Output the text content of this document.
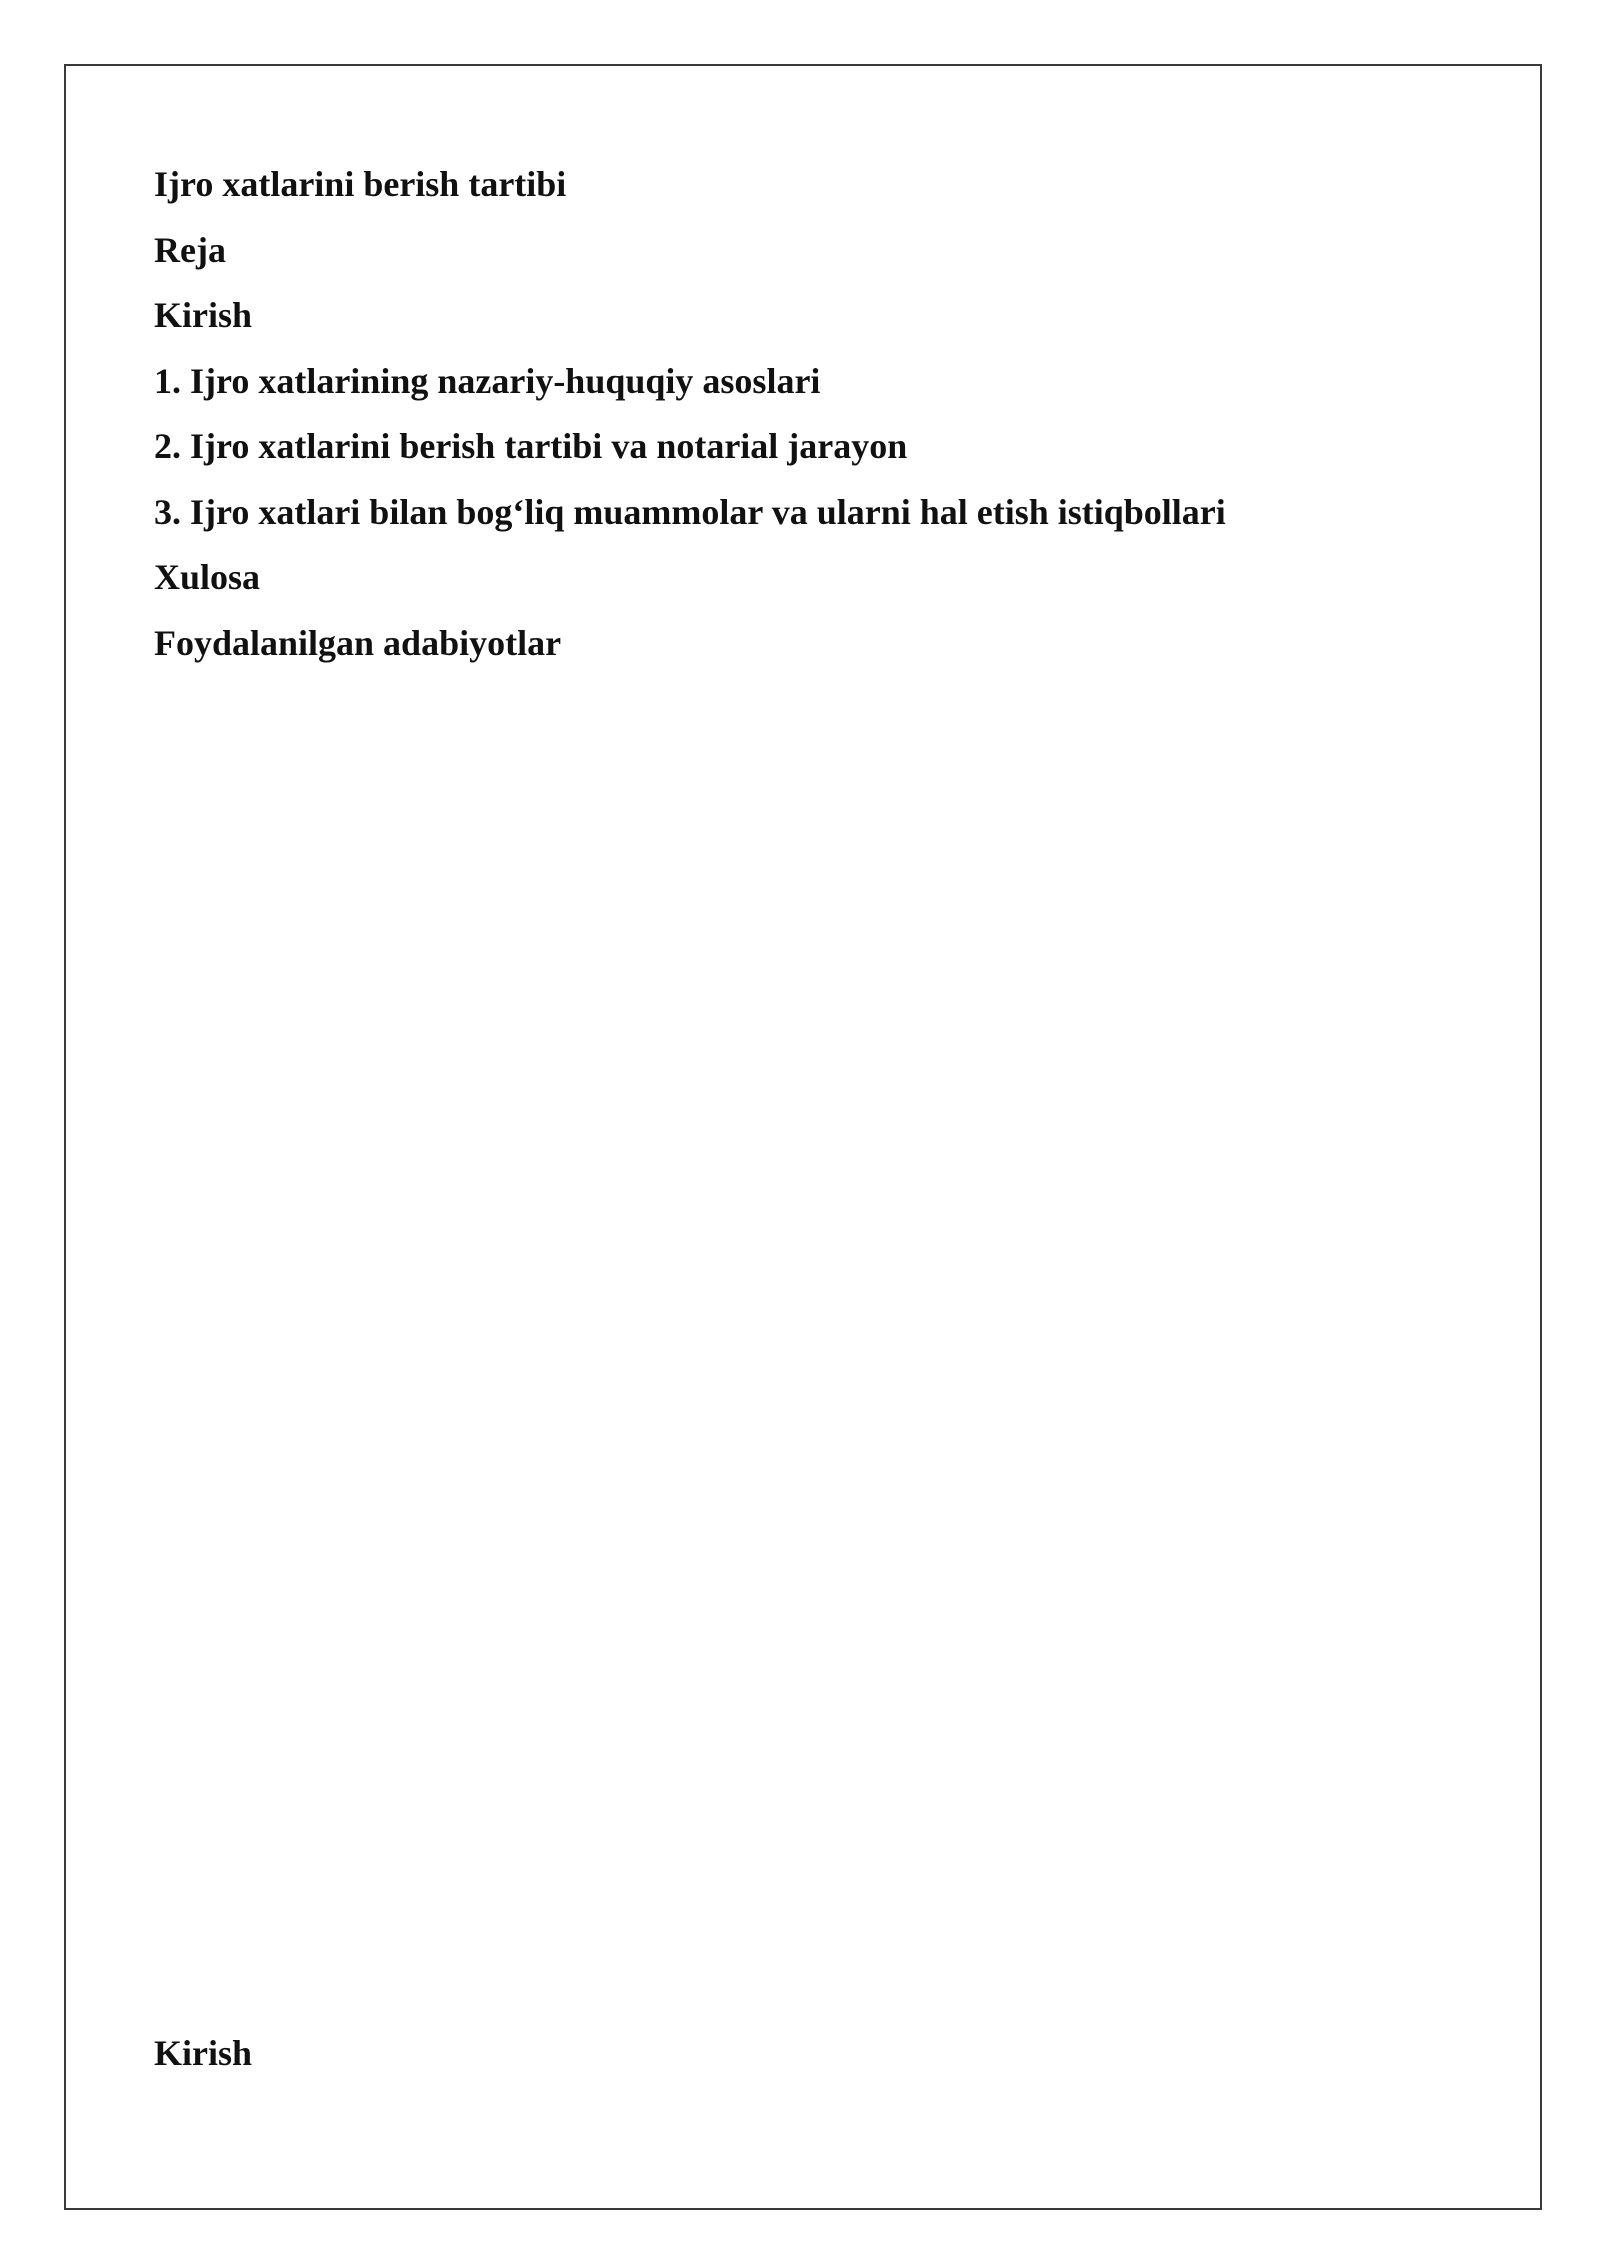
Ijro xatlarini berish tartibi

Reja

Kirish

1. Ijro xatlarining nazariy-huquqiy asoslari

2. Ijro xatlarini berish tartibi va notarial jarayon

3. Ijro xatlari bilan bog‘liq muammolar va ularni hal etish istiqbollari

Xulosa

Foydalanilgan adabiyotlar

Kirish
